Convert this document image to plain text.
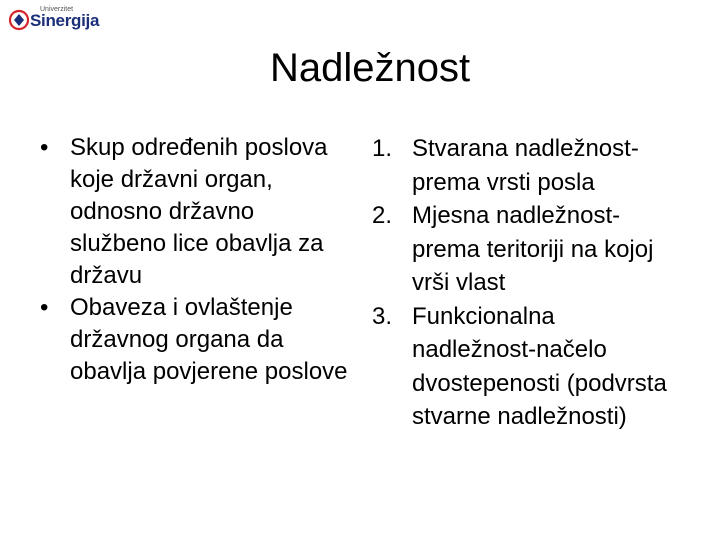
Univerzitet
Sinergija
Nadležnost
• Skup određenih poslova koje državni organ, odnosno državno službeno lice obavlja za državu
• Obaveza i ovlaštenje državnog organa da obavlja povjerene poslove
1. Stvarana nadležnost-prema vrsti posla
2. Mjesna nadležnost-prema teritoriji na kojoj vrši vlast
3. Funkcionalna nadležnost-načelo dvostepenosti (podvrsta stvarne nadležnosti)
